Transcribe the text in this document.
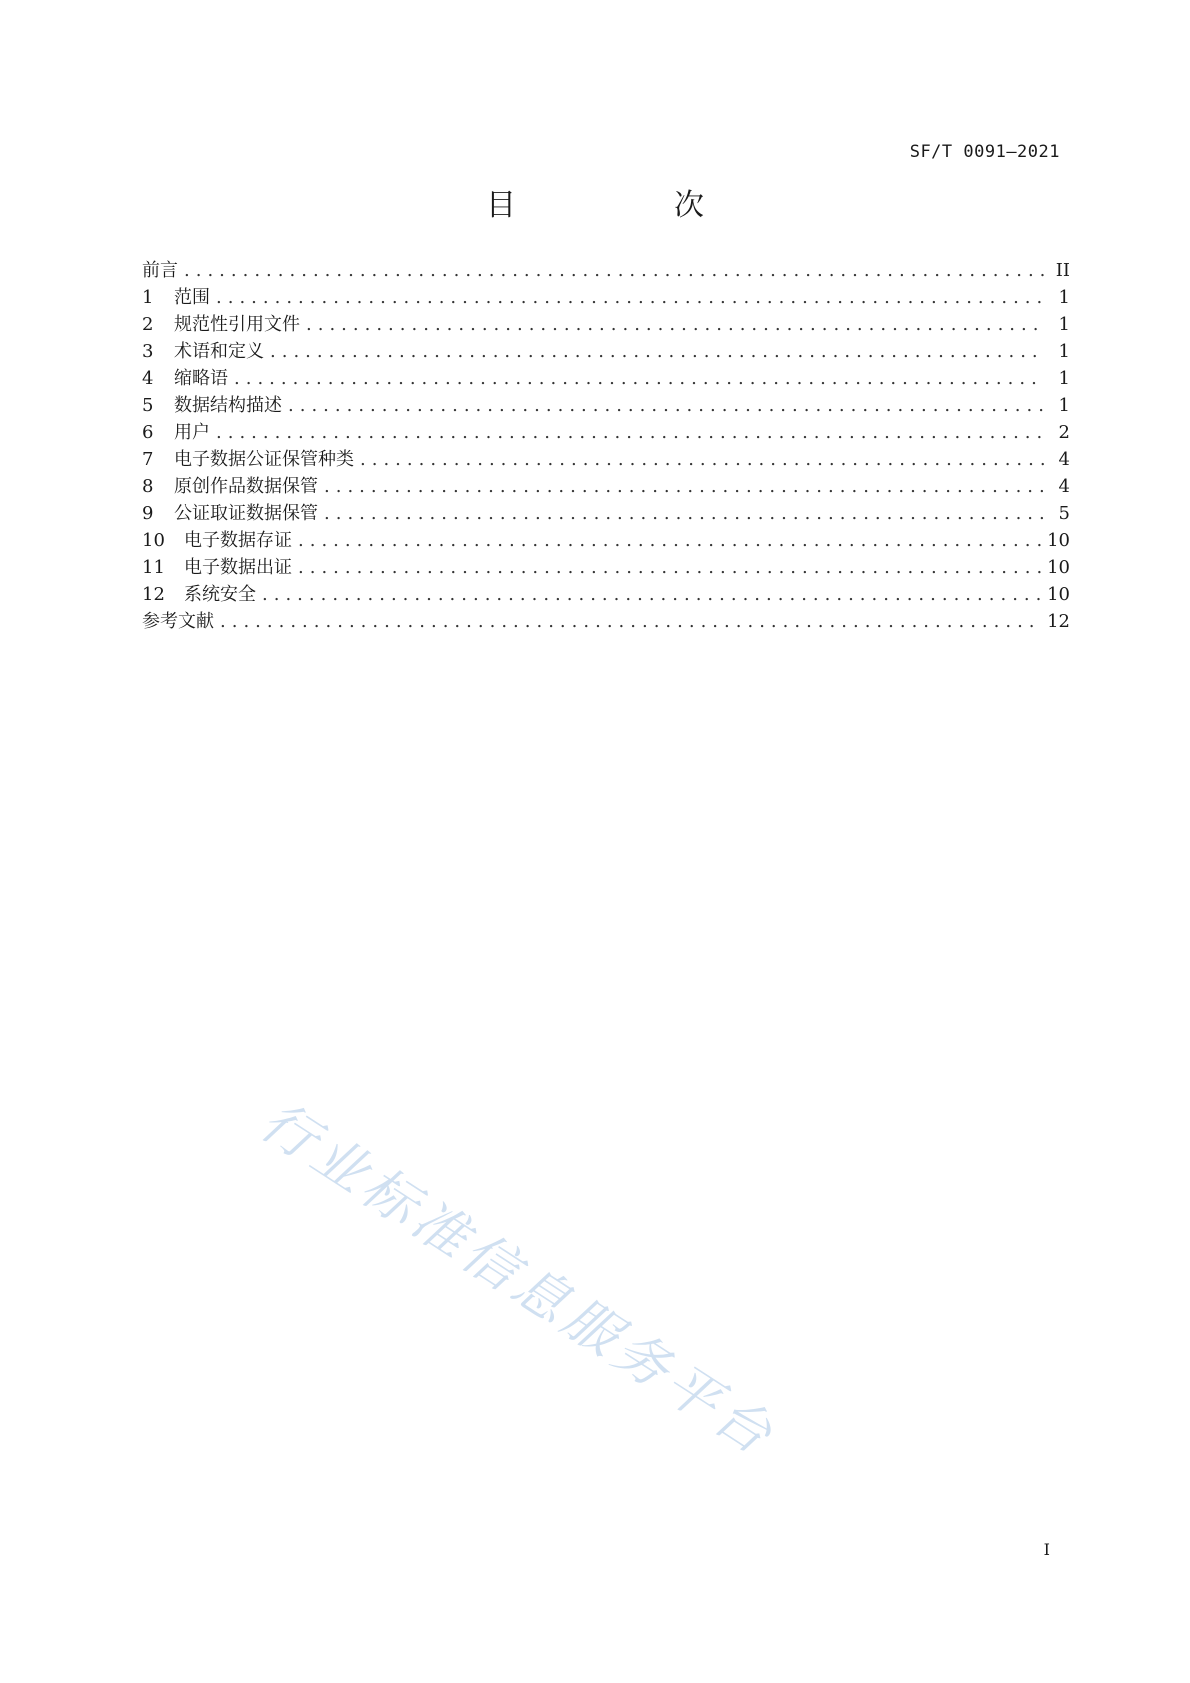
SF/T 0091—2021
目　次
前言 .....	II
1	范围 .....	1
2	规范性引用文件 .....	1
3	术语和定义 .....	1
4	缩略语 .....	1
5	数据结构描述 .....	1
6	用户 .....	2
7	电子数据公证保管种类 .....	4
8	原创作品数据保管 .....	4
9	公证取证数据保管 .....	5
10	电子数据存证 .....	10
11	电子数据出证 .....	10
12	系统安全 .....	10
参考文献 .....	12
行业标准信息服务平台
I
